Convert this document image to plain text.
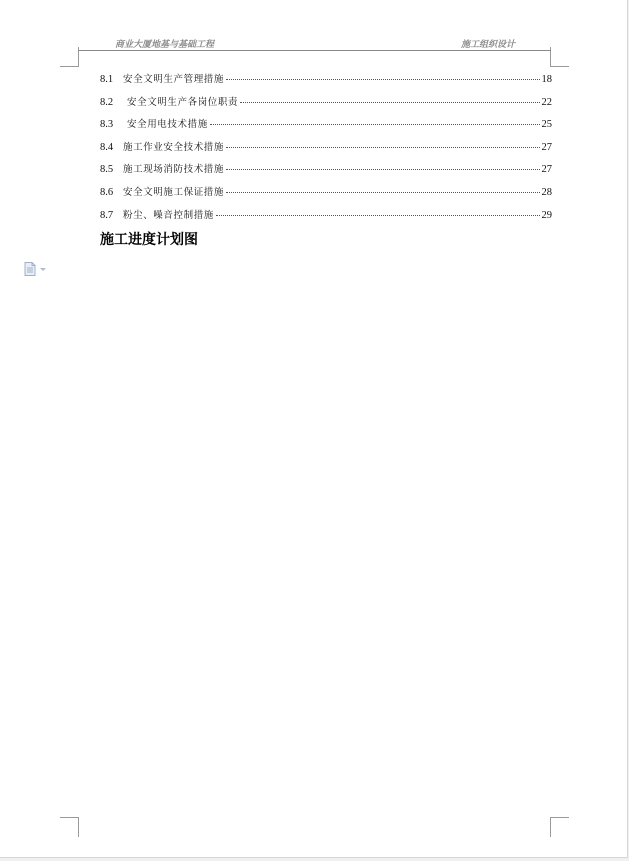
商业大厦地基与基础工程	施工组织设计
8.1	安全文明生产管理措施	18
8.2	安全文明生产各岗位职责	22
8.3	安全用电技术措施	25
8.4	施工作业安全技术措施	27
8.5	施工现场消防技术措施	27
8.6	安全文明施工保证措施	28
8.7	粉尘、噪音控制措施	29
施工进度计划图
